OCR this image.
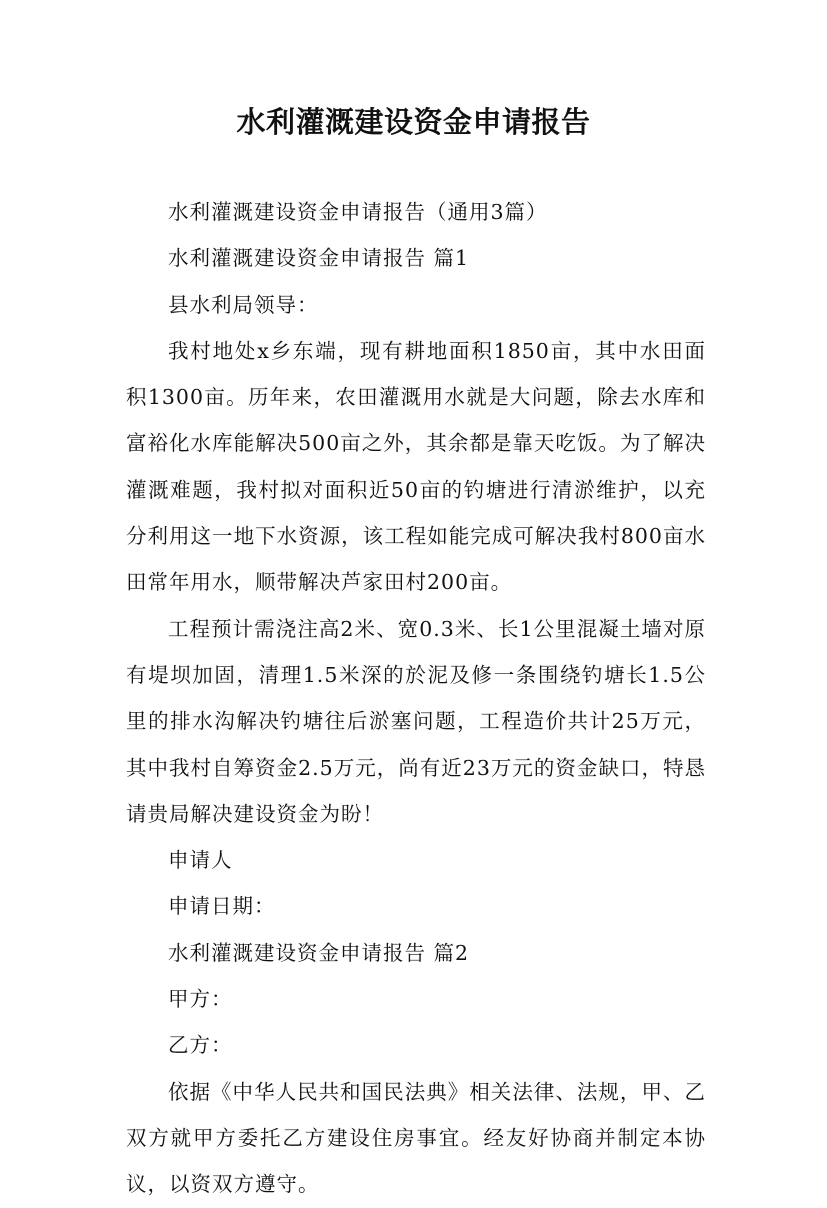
水利灌溉建设资金申请报告

水利灌溉建设资金申请报告（通用3篇）

水利灌溉建设资金申请报告 篇1

县水利局领导：

我村地处x乡东端，现有耕地面积1850亩，其中水田面积1300亩。历年来，农田灌溉用水就是大问题，除去水库和富裕化水库能解决500亩之外，其余都是靠天吃饭。为了解决灌溉难题，我村拟对面积近50亩的钓塘进行清淤维护，以充分利用这一地下水资源，该工程如能完成可解决我村800亩水田常年用水，顺带解决芦家田村200亩。

工程预计需浇注高2米、宽0.3米、长1公里混凝土墙对原有堤坝加固，清理1.5米深的於泥及修一条围绕钓塘长1.5公里的排水沟解决钓塘往后淤塞问题，工程造价共计25万元，其中我村自筹资金2.5万元，尚有近23万元的资金缺口，特恳请贵局解决建设资金为盼！

申请人

申请日期：

水利灌溉建设资金申请报告 篇2

甲方：

乙方：

依据《中华人民共和国民法典》相关法律、法规，甲、乙双方就甲方委托乙方建设住房事宜。经友好协商并制定本协议，以资双方遵守。
